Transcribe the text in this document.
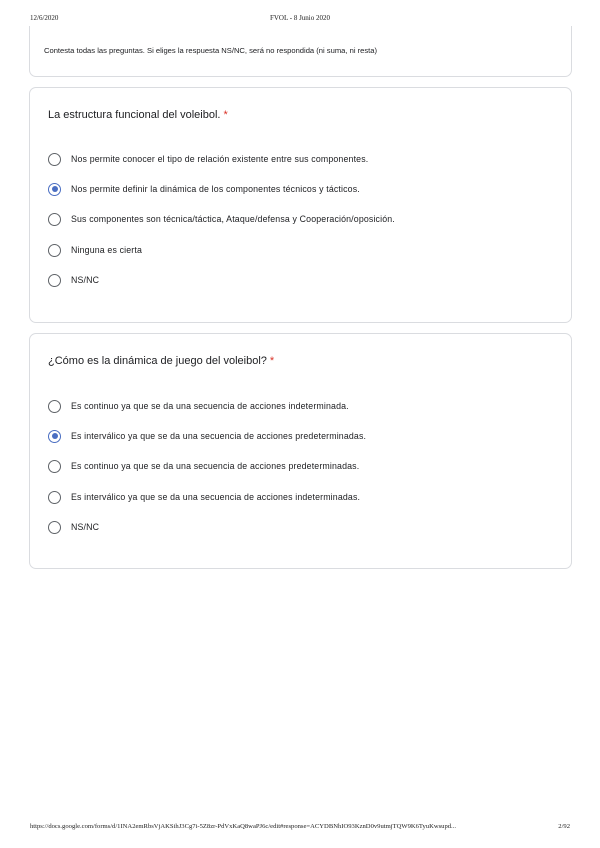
12/6/2020	FVOL - 8 Junio 2020
Contesta todas las preguntas. Si eliges la respuesta NS/NC, será no respondida (ni suma, ni resta)
La estructura funcional del voleibol. *
Nos permite conocer el tipo de relación existente entre sus componentes.
Nos permite definir la dinámica de los componentes técnicos y tácticos.
Sus componentes son técnica/táctica, Ataque/defensa y Cooperación/oposición.
Ninguna es cierta
NS/NC
¿Cómo es la dinámica de juego del voleibol? *
Es continuo ya que se da una secuencia de acciones indeterminada.
Es interválico ya que se da una secuencia de acciones predeterminadas.
Es continuo ya que se da una secuencia de acciones predeterminadas.
Es interválico ya que se da una secuencia de acciones indeterminadas.
NS/NC
https://docs.google.com/forms/d/1INA2emRbsVjAKSihJ3Cg7i-5Z8zr-PdVxKaQ8waPJ6c/edit#response=ACYDBNhIO93KznD0v9utmjTQW9K6TyuKwsupd...	2/92
